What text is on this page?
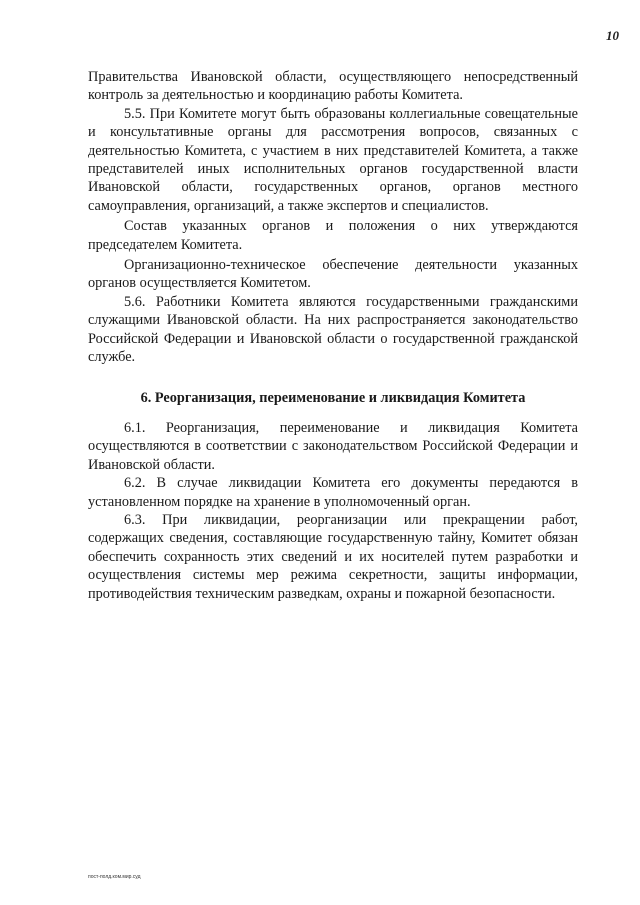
10

Правительства Ивановской области, осуществляющего непосредственный контроль за деятельностью и координацию работы Комитета.

5.5. При Комитете могут быть образованы коллегиальные совещательные и консультативные органы для рассмотрения вопросов, связанных с деятельностью Комитета, с участием в них представителей Комитета, а также представителей иных исполнительных органов государственной власти Ивановской области, государственных органов, органов местного самоуправления, организаций, а также экспертов и специалистов.

Состав указанных органов и положения о них утверждаются председателем Комитета.

Организационно-техническое обеспечение деятельности указанных органов осуществляется Комитетом.

5.6. Работники Комитета являются государственными гражданскими служащими Ивановской области. На них распространяется законодательство Российской Федерации и Ивановской области о государственной гражданской службе.

6. Реорганизация, переименование и ликвидация Комитета

6.1. Реорганизация, переименование и ликвидация Комитета осуществляются в соответствии с законодательством Российской Федерации и Ивановской области.

6.2. В случае ликвидации Комитета его документы передаются в установленном порядке на хранение в уполномоченный орган.

6.3. При ликвидации, реорганизации или прекращении работ, содержащих сведения, составляющие государственную тайну, Комитет обязан обеспечить сохранность этих сведений и их носителей путем разработки и осуществления системы мер режима секретности, защиты информации, противодействия техническим разведкам, охраны и пожарной безопасности.

пост-полд.ком.мир.суд
